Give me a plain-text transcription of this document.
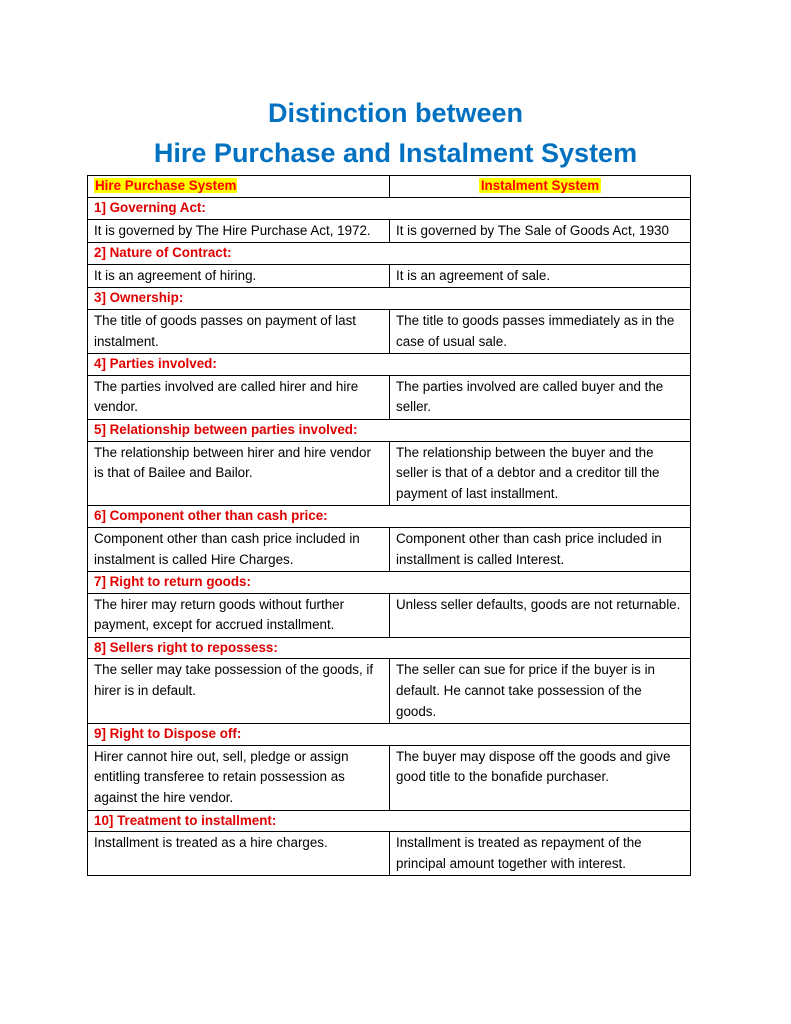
Distinction between
Hire Purchase and Instalment System
Hire Purchase System	Instalment System
1] Governing Act:	
It is governed by The Hire Purchase Act, 1972.	It is governed by The Sale of Goods Act, 1930
2] Nature of Contract:	
It is an agreement of hiring.	It is an agreement of sale.
3] Ownership:	
The title of goods passes on payment of last instalment.	The title to goods passes immediately as in the case of usual sale.
4] Parties involved:	
The parties involved are called hirer and hire vendor.	The parties involved are called buyer and the seller.
5] Relationship between parties involved:	
The relationship between hirer and hire vendor is that of Bailee and Bailor.	The relationship between the buyer and the seller is that of a debtor and a creditor till the payment of last installment.
6] Component other than cash price:	
Component other than cash price included in instalment is called Hire Charges.	Component other than cash price included in installment is called Interest.
7] Right to return goods:	
The hirer may return goods without further payment, except for accrued installment.	Unless seller defaults, goods are not returnable.
8] Sellers right to repossess:	
The seller may take possession of the goods, if hirer is in default.	The seller can sue for price if the buyer is in default. He cannot take possession of the goods.
9] Right to Dispose off:	
Hirer cannot hire out, sell, pledge or assign entitling transferee to retain possession as against the hire vendor.	The buyer may dispose off the goods and give good title to the bonafide purchaser.
10] Treatment to installment:	
Installment is treated as a hire charges.	Installment is treated as repayment of the principal amount together with interest.
